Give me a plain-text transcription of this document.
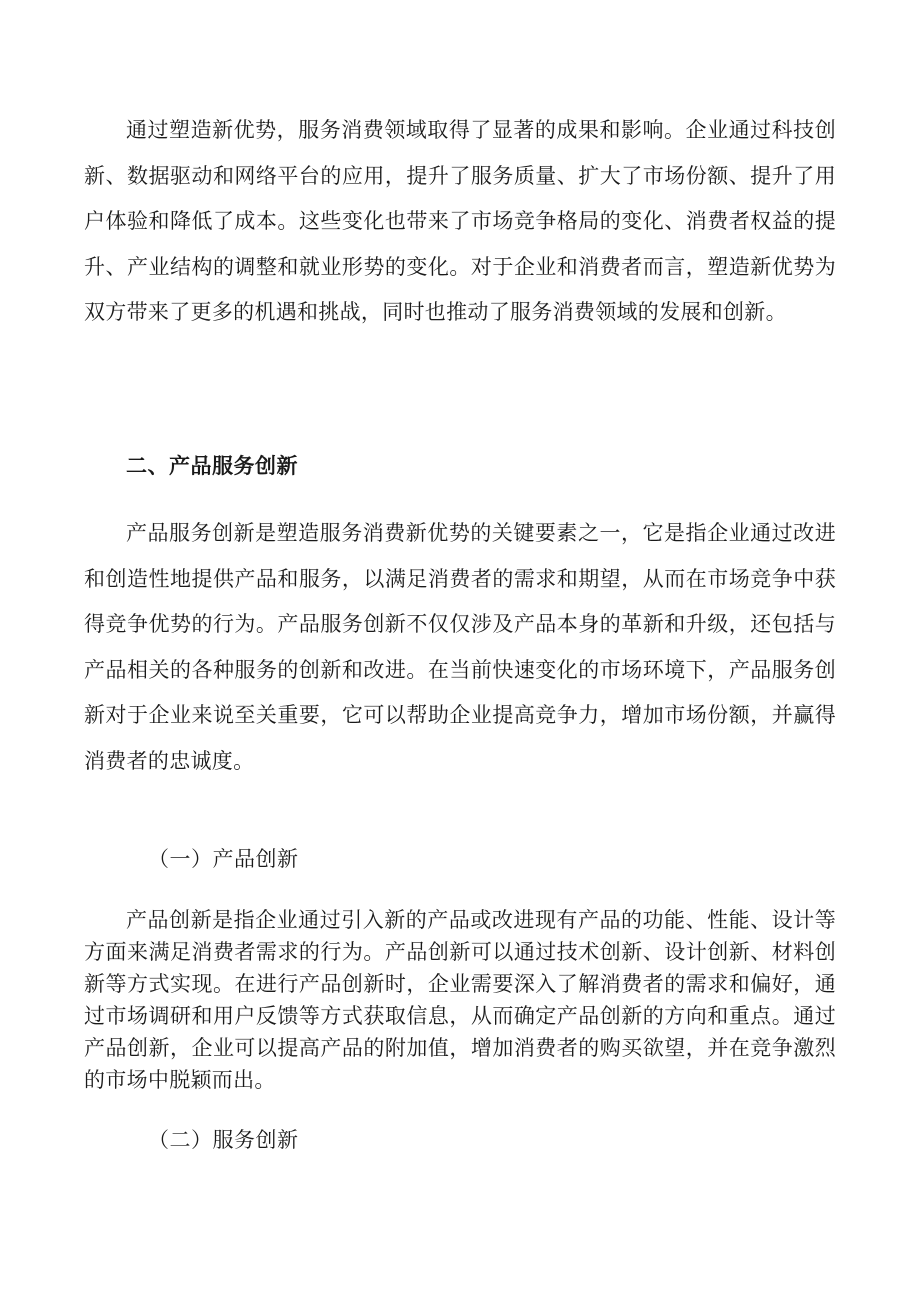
通过塑造新优势，服务消费领域取得了显著的成果和影响。企业通过科技创新、数据驱动和网络平台的应用，提升了服务质量、扩大了市场份额、提升了用户体验和降低了成本。这些变化也带来了市场竞争格局的变化、消费者权益的提升、产业结构的调整和就业形势的变化。对于企业和消费者而言，塑造新优势为双方带来了更多的机遇和挑战，同时也推动了服务消费领域的发展和创新。

二、产品服务创新

产品服务创新是塑造服务消费新优势的关键要素之一，它是指企业通过改进和创造性地提供产品和服务，以满足消费者的需求和期望，从而在市场竞争中获得竞争优势的行为。产品服务创新不仅仅涉及产品本身的革新和升级，还包括与产品相关的各种服务的创新和改进。在当前快速变化的市场环境下，产品服务创新对于企业来说至关重要，它可以帮助企业提高竞争力，增加市场份额，并赢得消费者的忠诚度。

（一）产品创新

产品创新是指企业通过引入新的产品或改进现有产品的功能、性能、设计等方面来满足消费者需求的行为。产品创新可以通过技术创新、设计创新、材料创新等方式实现。在进行产品创新时，企业需要深入了解消费者的需求和偏好，通过市场调研和用户反馈等方式获取信息，从而确定产品创新的方向和重点。通过产品创新，企业可以提高产品的附加值，增加消费者的购买欲望，并在竞争激烈的市场中脱颖而出。

（二）服务创新
